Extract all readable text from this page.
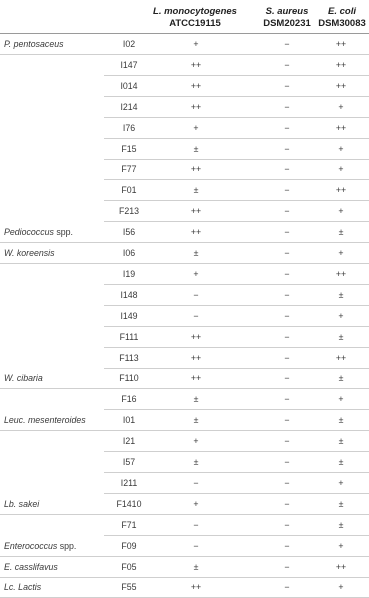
L. monocytogenes
ATCC19115
S. aureus
DSM20231
E. coli
DSM30083
P. pentosaceus	I02	+	−	++
I147	++	−	++
I014	++	−	++
I214	++	−	+
I76	+	−	++
F15	±	−	+
F77	++	−	+
F01	±	−	++
F213	++	−	+
Pediococcus spp.	I56	++	−	±
W. koreensis	I06	±	−	+
I19	+	−	++
I148	−	−	±
I149	−	−	+
F111	++	−	±
F113	++	−	++
W. cibaria	F110	++	−	±
F16	±	−	+
Leuc. mesenteroides	I01	±	−	±
I21	+	−	±
I57	±	−	±
I211	−	−	+
Lb. sakei	F1410	+	−	±
F71	−	−	±
Enterococcus spp.	F09	−	−	+
E. casslifavus	F05	±	−	++
Lc. Lactis	F55	++	−	+
